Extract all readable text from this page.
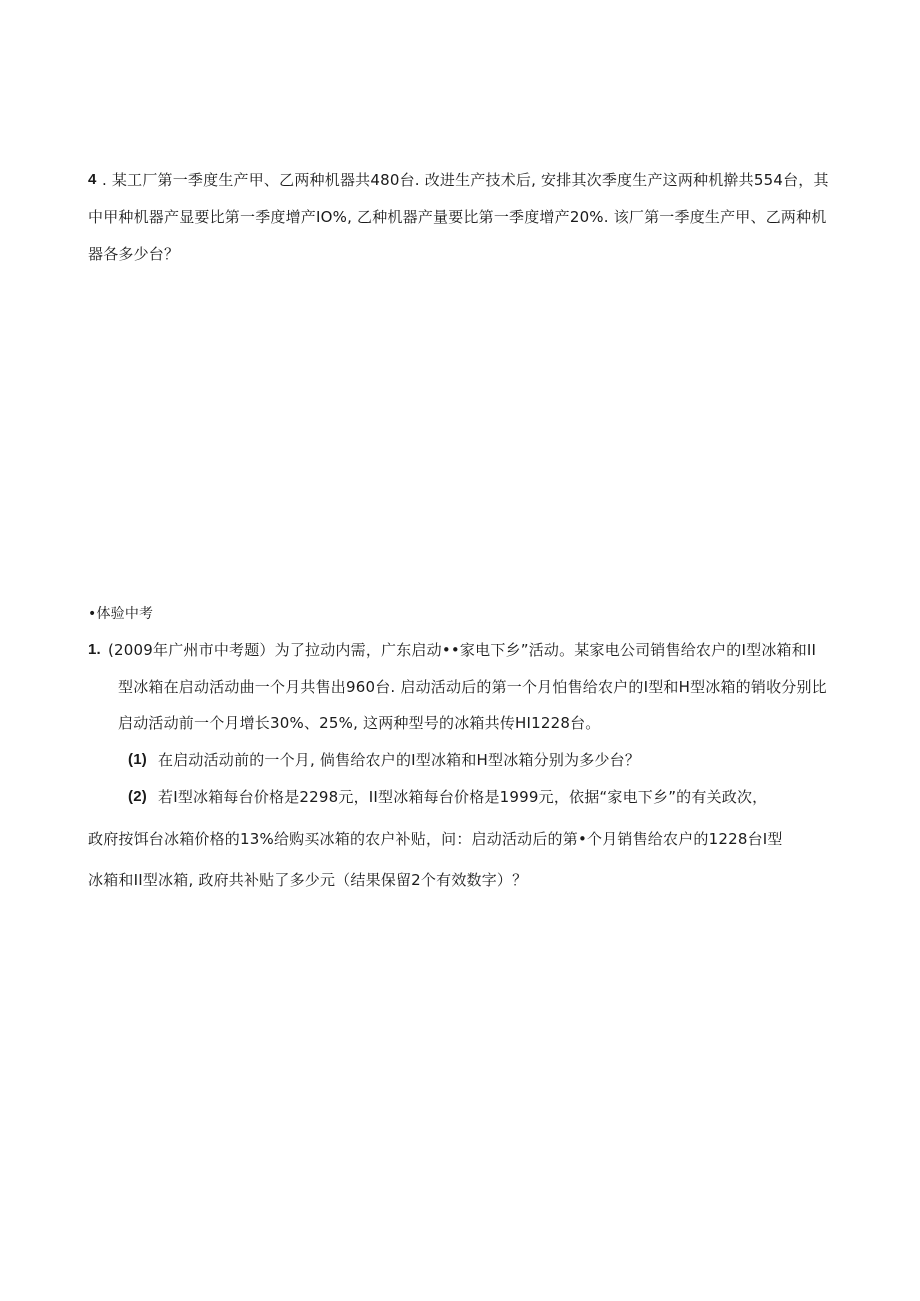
4 . 某工厂第一季度生产甲、乙两种机器共480台. 改进生产技术后, 安排其次季度生产这两种机擀共554台，其
中甲种机器产显要比第一季度增产IO%, 乙种机器产量要比第一季度增产20%. 该厂第一季度生产甲、乙两种机
器各多少台？
•体验中考
1. (2009年广州市中考题）为了拉动内需，广东启动••家电下乡”活动。某家电公司销售给农户的I型冰箱和II
型冰箱在启动活动曲一个月共售出960台. 启动活动后的第一个月怕售给农户的I型和H型冰箱的销收分别比
启动活动前一个月增长30%、25%, 这两种型号的冰箱共传HI1228台。
(1) 在启动活动前的一个月, 倘售给农户的I型冰箱和H型冰箱分别为多少台？
(2) 若I型冰箱每台价格是2298元，II型冰箱每台价格是1999元，依据“家电下乡”的有关政次，
政府按饵台冰箱价格的13%给购买冰箱的农户补贴，问：启动活动后的第•个月销售给农户的1228台I型
冰箱和II型冰箱, 政府共补贴了多少元（结果保留2个有效数字）？
